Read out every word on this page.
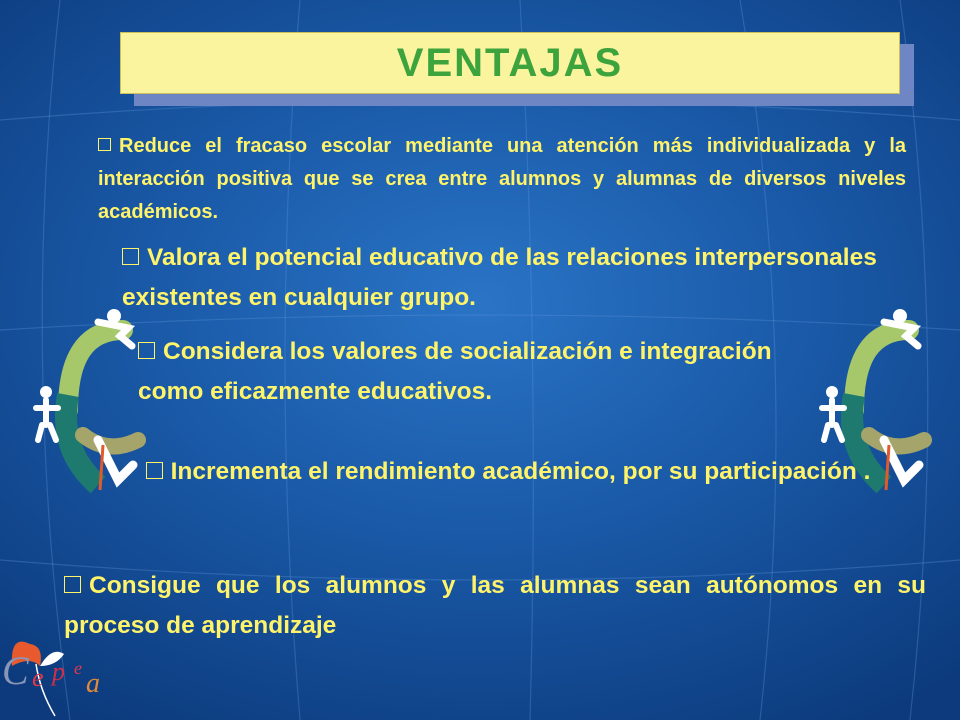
VENTAJAS

Reduce el fracaso escolar mediante una atención más individualizada y la interacción positiva que se crea entre alumnos y alumnas de diversos niveles académicos.

Valora el potencial educativo de las relaciones interpersonales existentes en cualquier grupo.

Considera los valores de socialización e integración como eficazmente educativos.

Incrementa el rendimiento académico, por su participación .

Consigue que los alumnos y las alumnas sean autónomos en su proceso de aprendizaje

C e p e a
